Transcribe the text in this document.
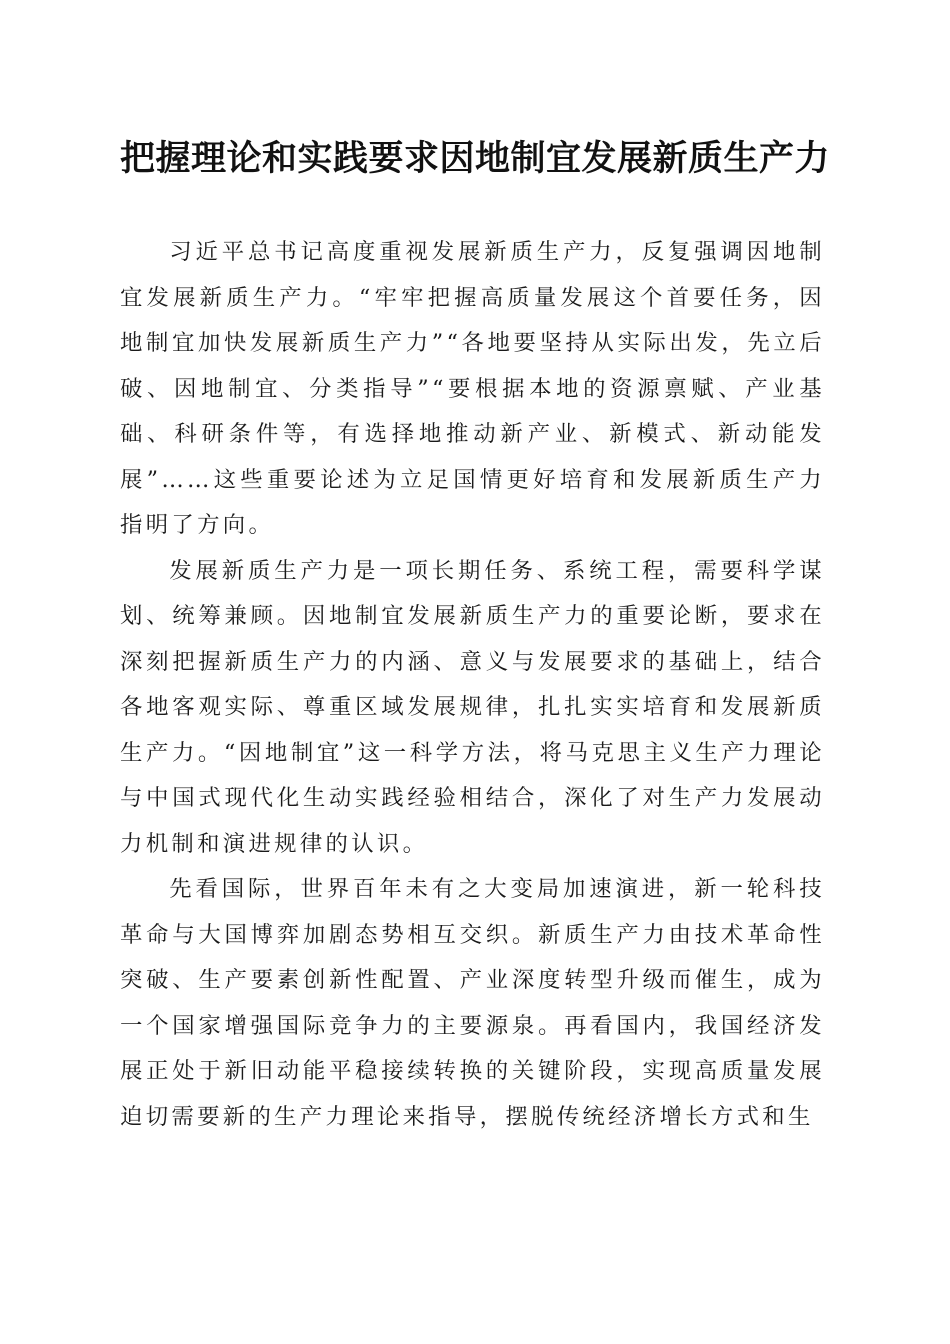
把握理论和实践要求因地制宜发展新质生产力

习近平总书记高度重视发展新质生产力，反复强调因地制宜发展新质生产力。“牢牢把握高质量发展这个首要任务，因地制宜加快发展新质生产力”“各地要坚持从实际出发，先立后破、因地制宜、分类指导”“要根据本地的资源禀赋、产业基础、科研条件等，有选择地推动新产业、新模式、新动能发展”……这些重要论述为立足国情更好培育和发展新质生产力指明了方向。

发展新质生产力是一项长期任务、系统工程，需要科学谋划、统筹兼顾。因地制宜发展新质生产力的重要论断，要求在深刻把握新质生产力的内涵、意义与发展要求的基础上，结合各地客观实际、尊重区域发展规律，扎扎实实培育和发展新质生产力。“因地制宜”这一科学方法，将马克思主义生产力理论与中国式现代化生动实践经验相结合，深化了对生产力发展动力机制和演进规律的认识。

先看国际，世界百年未有之大变局加速演进，新一轮科技革命与大国博弈加剧态势相互交织。新质生产力由技术革命性突破、生产要素创新性配置、产业深度转型升级而催生，成为一个国家增强国际竞争力的主要源泉。再看国内，我国经济发展正处于新旧动能平稳接续转换的关键阶段，实现高质量发展迫切需要新的生产力理论来指导，摆脱传统经济增长方式和生
